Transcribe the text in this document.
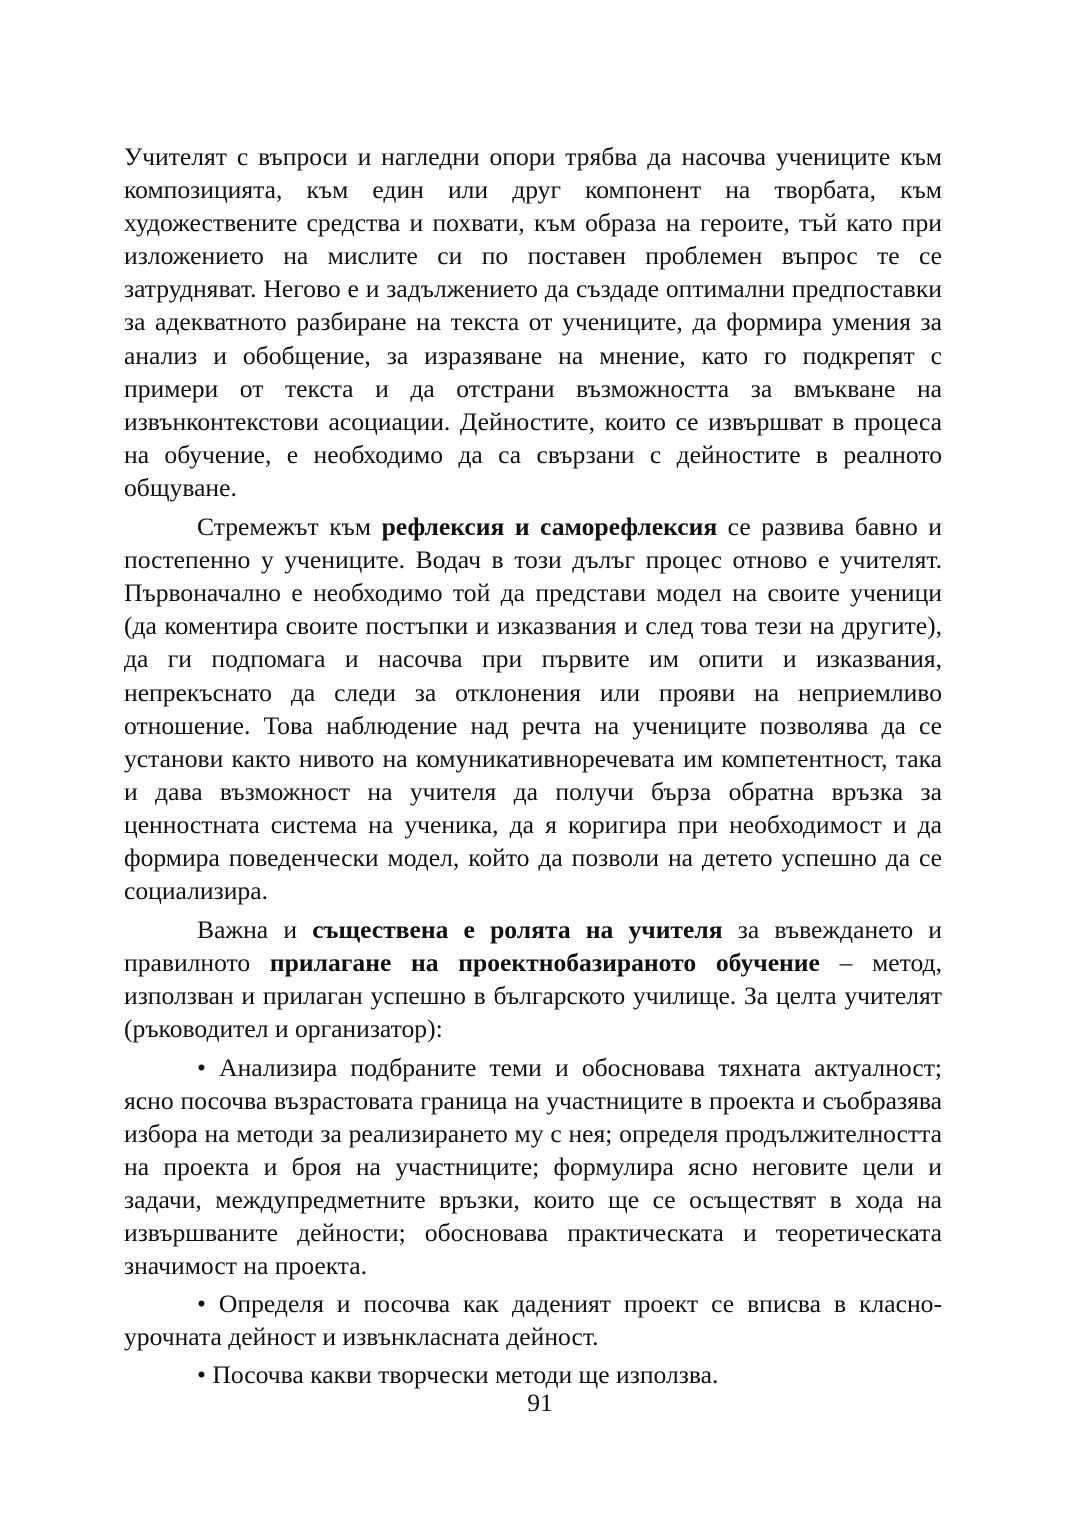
Учителят с въпроси и нагледни опори трябва да насочва учениците към композицията, към един или друг компонент на творбата, към художествените средства и похвати, към образа на героите, тъй като при изложението на мислите си по поставен проблемен въпрос те се затрудняват. Негово е и задължението да създаде оптимални предпоставки за адекватното разбиране на текста от учениците, да формира умения за анализ и обобщение, за изразяване на мнение, като го подкрепят с примери от текста и да отстрани възможността за вмъкване на извънконтекстови асоциации. Дейностите, които се извършват в процеса на обучение, е необходимо да са свързани с дейностите в реалното общуване.

Стремежът към рефлексия и саморефлексия се развива бавно и постепенно у учениците. Водач в този дълъг процес отново е учителят. Първоначално е необходимо той да представи модел на своите ученици (да коментира своите постъпки и изказвания и след това тези на другите), да ги подпомага и насочва при първите им опити и изказвания, непрекъснато да следи за отклонения или прояви на неприемливо отношение. Това наблюдение над речта на учениците позволява да се установи както нивото на комуникативноречевата им компетентност, така и дава възможност на учителя да получи бърза обратна връзка за ценностната система на ученика, да я коригира при необходимост и да формира поведенчески модел, който да позволи на детето успешно да се социализира.

Важна и съществена е ролята на учителя за въвеждането и правилното прилагане на проектнобазираното обучение – метод, използван и прилаган успешно в българското училище. За целта учителят (ръководител и организатор):

• Анализира подбраните теми и обосновава тяхната актуалност; ясно посочва възрастовата граница на участниците в проекта и съобразява избора на методи за реализирането му с нея; определя продължителността на проекта и броя на участниците; формулира ясно неговите цели и задачи, междупредметните връзки, които ще се осъществят в хода на извършваните дейности; обосновава практическата и теоретическата значимост на проекта.

• Определя и посочва как даденият проект се вписва в класноурочната дейност и извънкласната дейност.

• Посочва какви творчески методи ще използва.

91
